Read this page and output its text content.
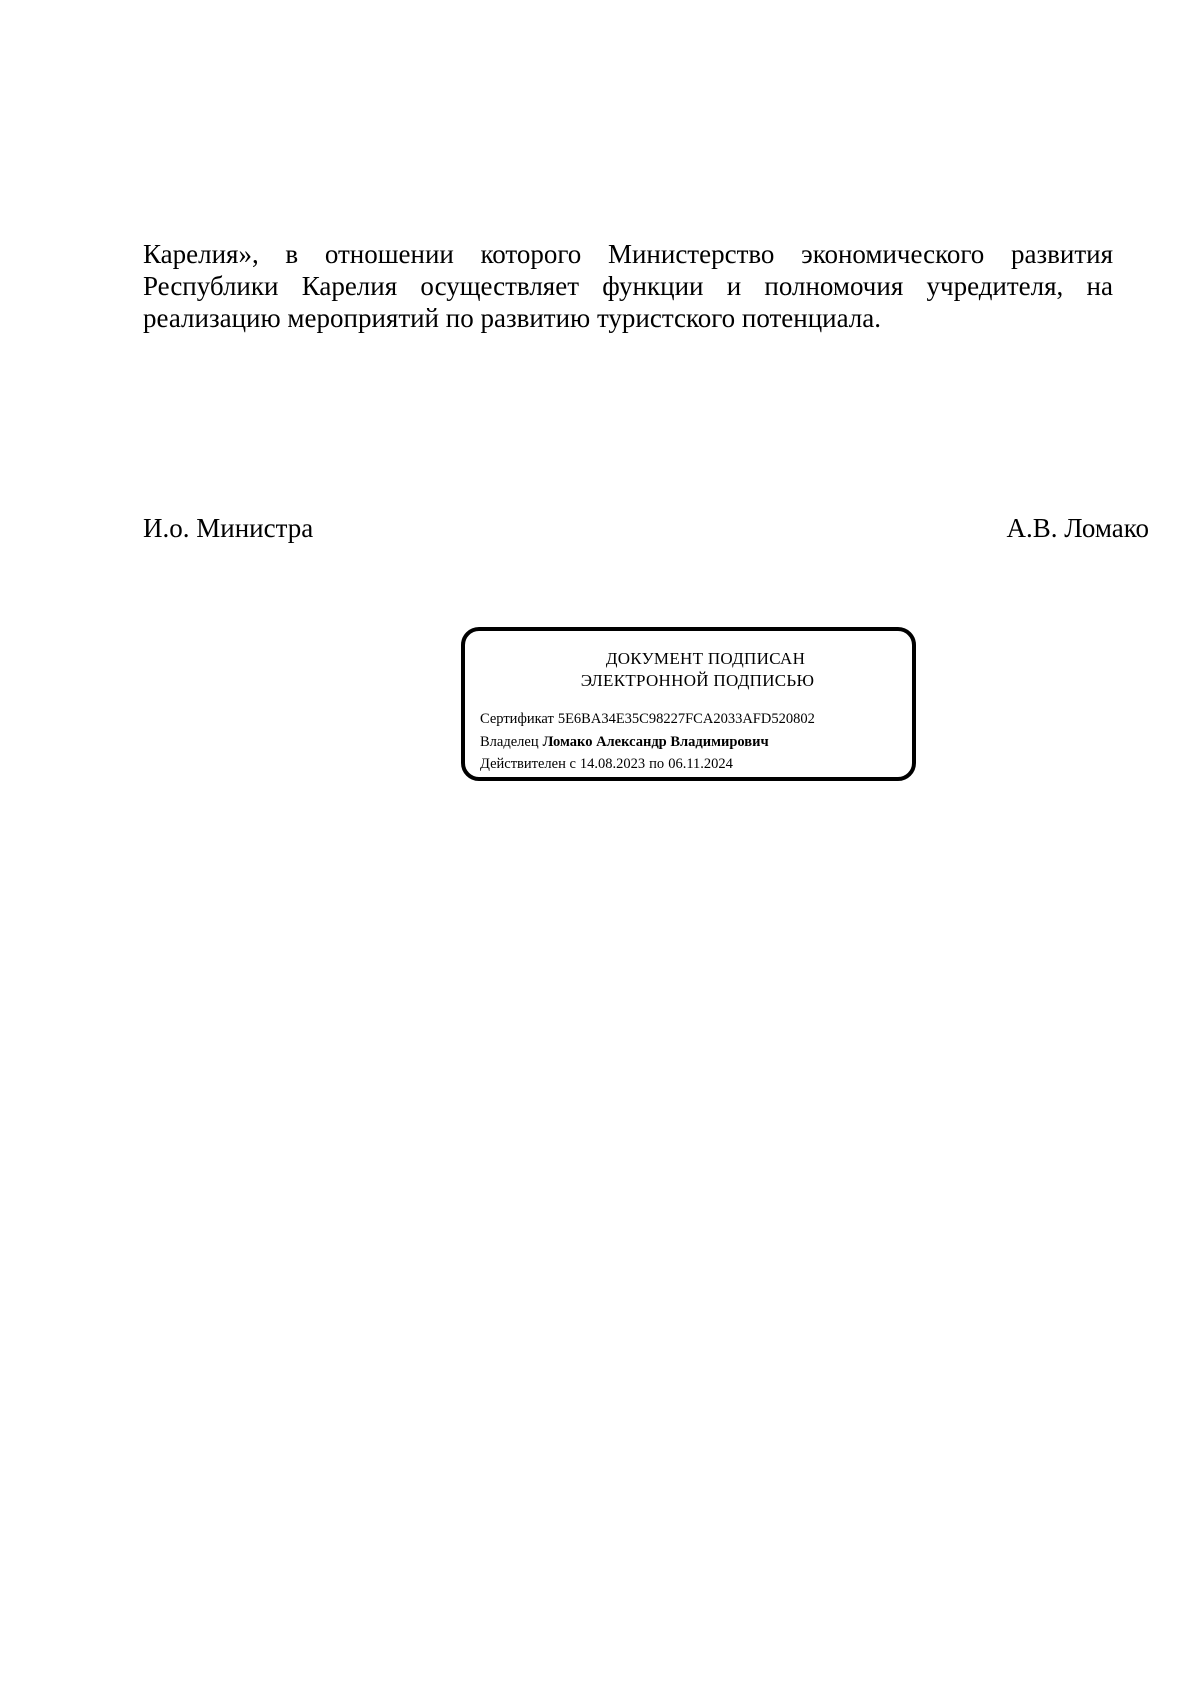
Карелия», в отношении которого Министерство экономического развития
Республики Карелия осуществляет функции и полномочия учредителя, на
реализацию мероприятий по развитию туристского потенциала.
И.о. Министра	А.В. Ломако
ДОКУМЕНТ ПОДПИСАН
ЭЛЕКТРОННОЙ ПОДПИСЬЮ
Сертификат 5E6BA34E35C98227FCA2033AFD520802
Владелец Ломако Александр Владимирович
Действителен с 14.08.2023 по 06.11.2024
